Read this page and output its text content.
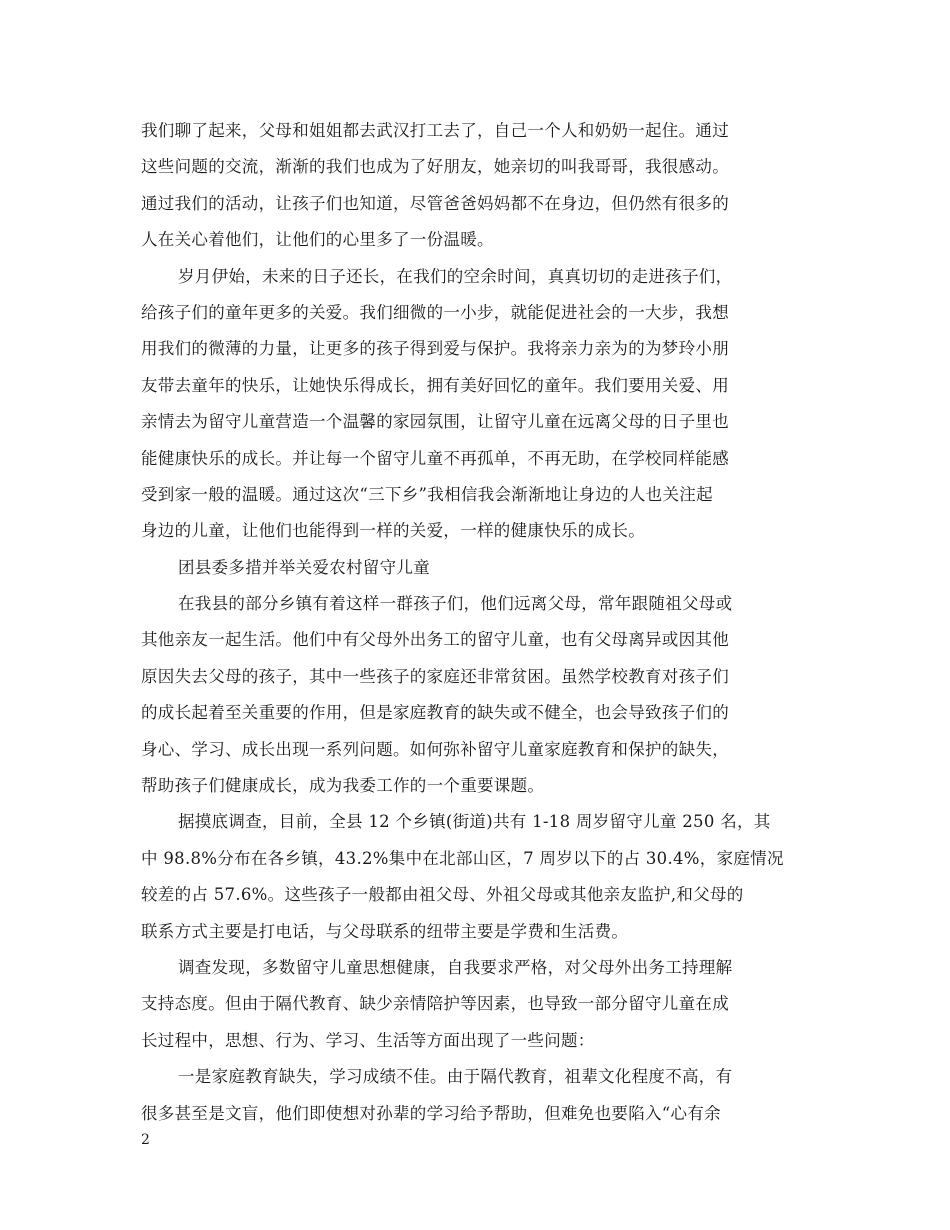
我们聊了起来，父母和姐姐都去武汉打工去了，自己一个人和奶奶一起住。通过
这些问题的交流，渐渐的我们也成为了好朋友，她亲切的叫我哥哥，我很感动。
通过我们的活动，让孩子们也知道，尽管爸爸妈妈都不在身边，但仍然有很多的
人在关心着他们，让他们的心里多了一份温暖。
岁月伊始，未来的日子还长，在我们的空余时间，真真切切的走进孩子们，
给孩子们的童年更多的关爱。我们细微的一小步，就能促进社会的一大步，我想
用我们的微薄的力量，让更多的孩子得到爱与保护。我将亲力亲为的为梦玲小朋
友带去童年的快乐，让她快乐得成长，拥有美好回忆的童年。我们要用关爱、用
亲情去为留守儿童营造一个温馨的家园氛围，让留守儿童在远离父母的日子里也
能健康快乐的成长。并让每一个留守儿童不再孤单，不再无助，在学校同样能感
受到家一般的温暖。通过这次“三下乡”我相信我会渐渐地让身边的人也关注起
身边的儿童，让他们也能得到一样的关爱，一样的健康快乐的成长。
团县委多措并举关爱农村留守儿童
在我县的部分乡镇有着这样一群孩子们，他们远离父母，常年跟随祖父母或
其他亲友一起生活。他们中有父母外出务工的留守儿童，也有父母离异或因其他
原因失去父母的孩子，其中一些孩子的家庭还非常贫困。虽然学校教育对孩子们
的成长起着至关重要的作用，但是家庭教育的缺失或不健全，也会导致孩子们的
身心、学习、成长出现一系列问题。如何弥补留守儿童家庭教育和保护的缺失，
帮助孩子们健康成长，成为我委工作的一个重要课题。
据摸底调查，目前，全县 12 个乡镇(街道)共有 1-18 周岁留守儿童 250 名，其
中 98.8%分布在各乡镇，43.2%集中在北部山区，7 周岁以下的占 30.4%，家庭情况
较差的占 57.6%。这些孩子一般都由祖父母、外祖父母或其他亲友监护,和父母的
联系方式主要是打电话，与父母联系的纽带主要是学费和生活费。
调查发现，多数留守儿童思想健康，自我要求严格，对父母外出务工持理解
支持态度。但由于隔代教育、缺少亲情陪护等因素，也导致一部分留守儿童在成
长过程中，思想、行为、学习、生活等方面出现了一些问题：
一是家庭教育缺失，学习成绩不佳。由于隔代教育，祖辈文化程度不高，有
很多甚至是文盲，他们即使想对孙辈的学习给予帮助，但难免也要陷入“心有余
2
